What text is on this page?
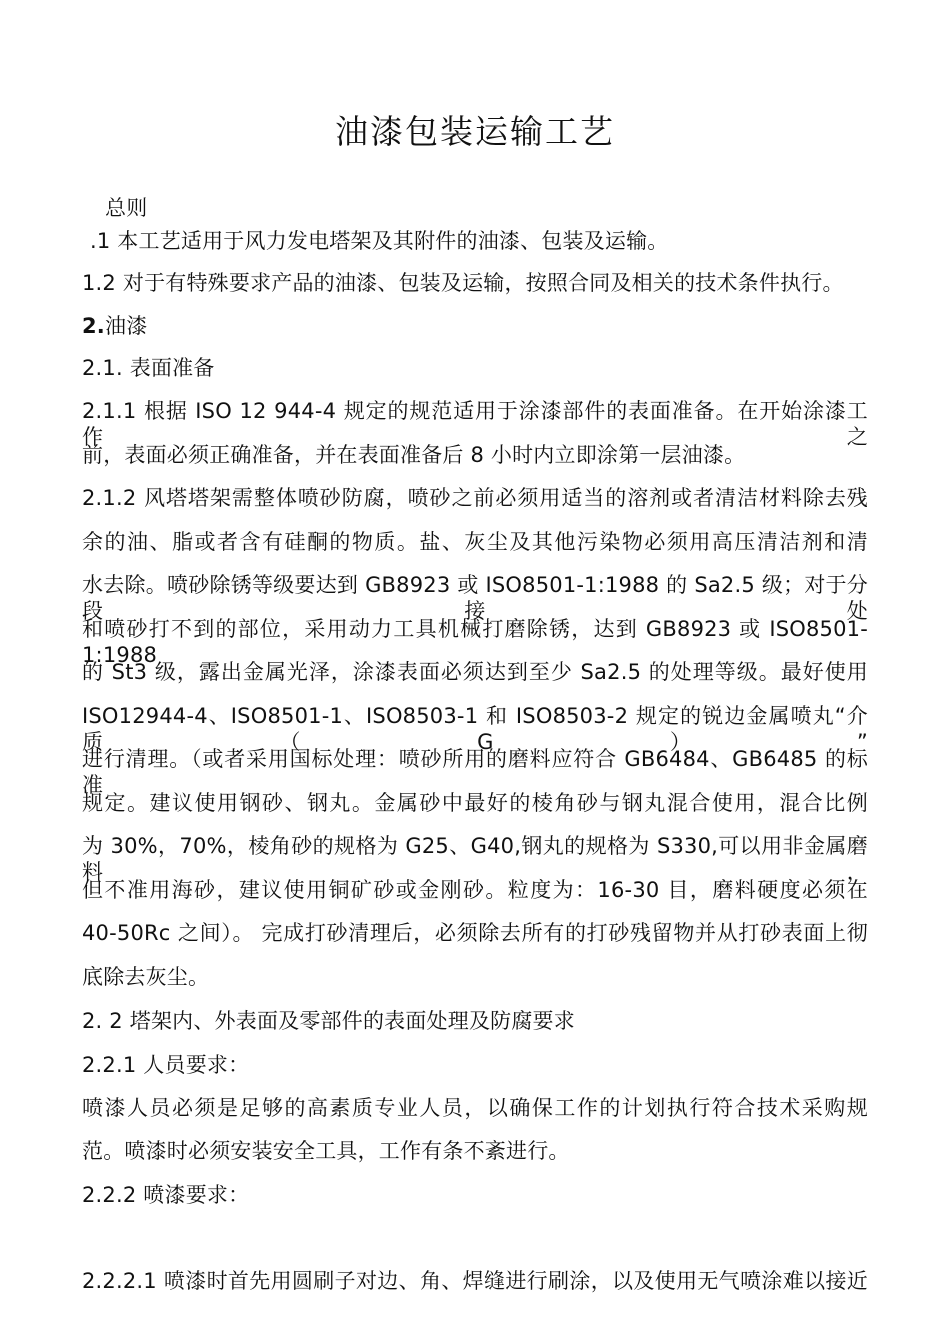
油漆包装运输工艺
总则
.1 本工艺适用于风力发电塔架及其附件的油漆、包装及运输。
1.2 对于有特殊要求产品的油漆、包装及运输，按照合同及相关的技术条件执行。
2.油漆
2.1. 表面准备
2.1.1 根据 ISO 12 944-4 规定的规范适用于涂漆部件的表面准备。在开始涂漆工作之
前，表面必须正确准备，并在表面准备后 8 小时内立即涂第一层油漆。
2.1.2 风塔塔架需整体喷砂防腐，喷砂之前必须用适当的溶剂或者清洁材料除去残
余的油、脂或者含有硅酮的物质。盐、灰尘及其他污染物必须用高压清洁剂和清
水去除。喷砂除锈等级要达到 GB8923 或 ISO8501-1:1988 的 Sa2.5 级；对于分段接处
和喷砂打不到的部位，采用动力工具机械打磨除锈，达到 GB8923 或 ISO8501-1:1988
的 St3 级，露出金属光泽，涂漆表面必须达到至少 Sa2.5 的处理等级。最好使用
ISO12944-4、ISO8501-1、ISO8503-1 和 ISO8503-2 规定的锐边金属喷丸“介质（G）”
进行清理。（或者采用国标处理：喷砂所用的磨料应符合 GB6484、GB6485 的标准
规定。建议使用钢砂、钢丸。金属砂中最好的棱角砂与钢丸混合使用，混合比例
为 30%，70%，棱角砂的规格为 G25、G40,钢丸的规格为 S330,可以用非金属磨料，
但不准用海砂，建议使用铜矿砂或金刚砂。粒度为：16-30 目，磨料硬度必须在
40-50Rc 之间）。 完成打砂清理后，必须除去所有的打砂残留物并从打砂表面上彻
底除去灰尘。
2. 2 塔架内、外表面及零部件的表面处理及防腐要求
2.2.1 人员要求：
喷漆人员必须是足够的高素质专业人员，以确保工作的计划执行符合技术采购规
范。喷漆时必须安装安全工具，工作有条不紊进行。
2.2.2 喷漆要求：
2.2.2.1 喷漆时首先用圆刷子对边、角、焊缝进行刷涂，以及使用无气喷涂难以接近
